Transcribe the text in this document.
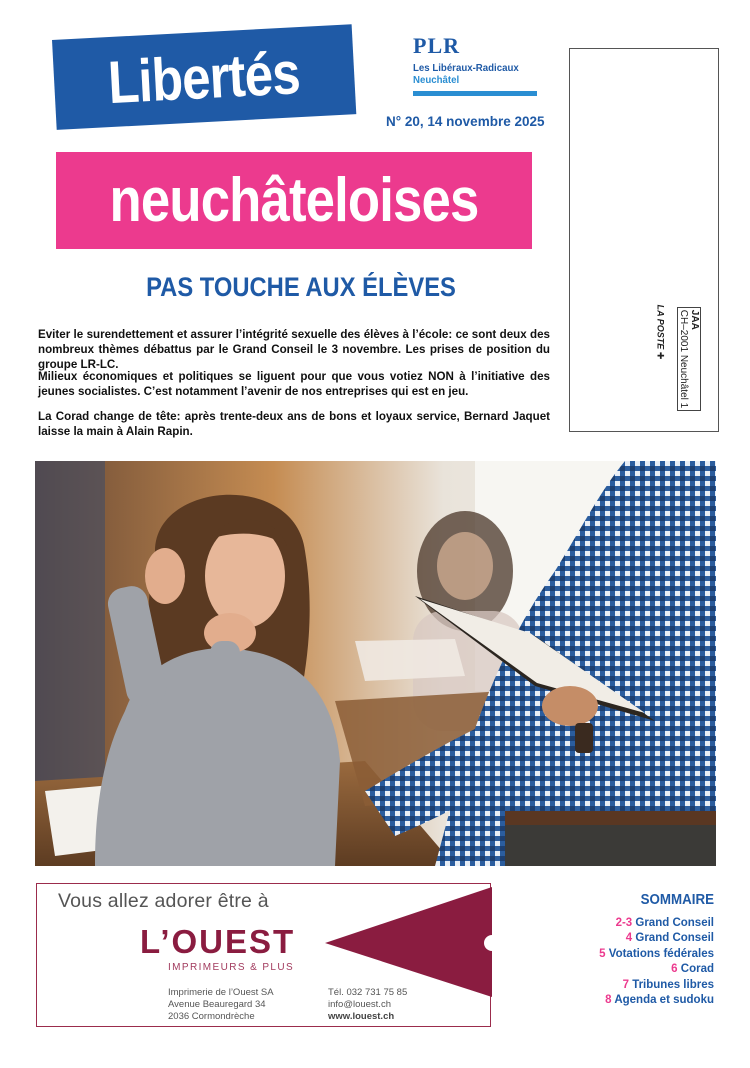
Libertés
neuchâteloises
PLR
Les Libéraux-Radicaux
Neuchâtel
N° 20, 14 novembre 2025
JAA
CH–2001 Neuchâtel 1
LA POSTE ✚
PAS TOUCHE AUX ÉLÈVES
Eviter le surendettement et assurer l’intégrité sexuelle des élèves à l’école: ce sont deux des nombreux thèmes débattus par le Grand Conseil le 3 novembre. Les prises de position du groupe LR-LC.
Milieux économiques et politiques se liguent pour que vous votiez NON à l’initiative des jeunes socialistes. C’est notamment l’avenir de nos entreprises qui est en jeu.
La Corad change de tête: après trente-deux ans de bons et loyaux service, Bernard Jaquet laisse la main à Alain Rapin.
Vous allez adorer être à
L’OUEST
IMPRIMEURS & PLUS
Imprimerie de l’Ouest SA
Avenue Beauregard 34
2036 Cormondrèche
Tél. 032 731 75 85
info@louest.ch
www.louest.ch
SOMMAIRE
2-3 Grand Conseil
4 Grand Conseil
5 Votations fédérales
6 Corad
7 Tribunes libres
8 Agenda et sudoku
